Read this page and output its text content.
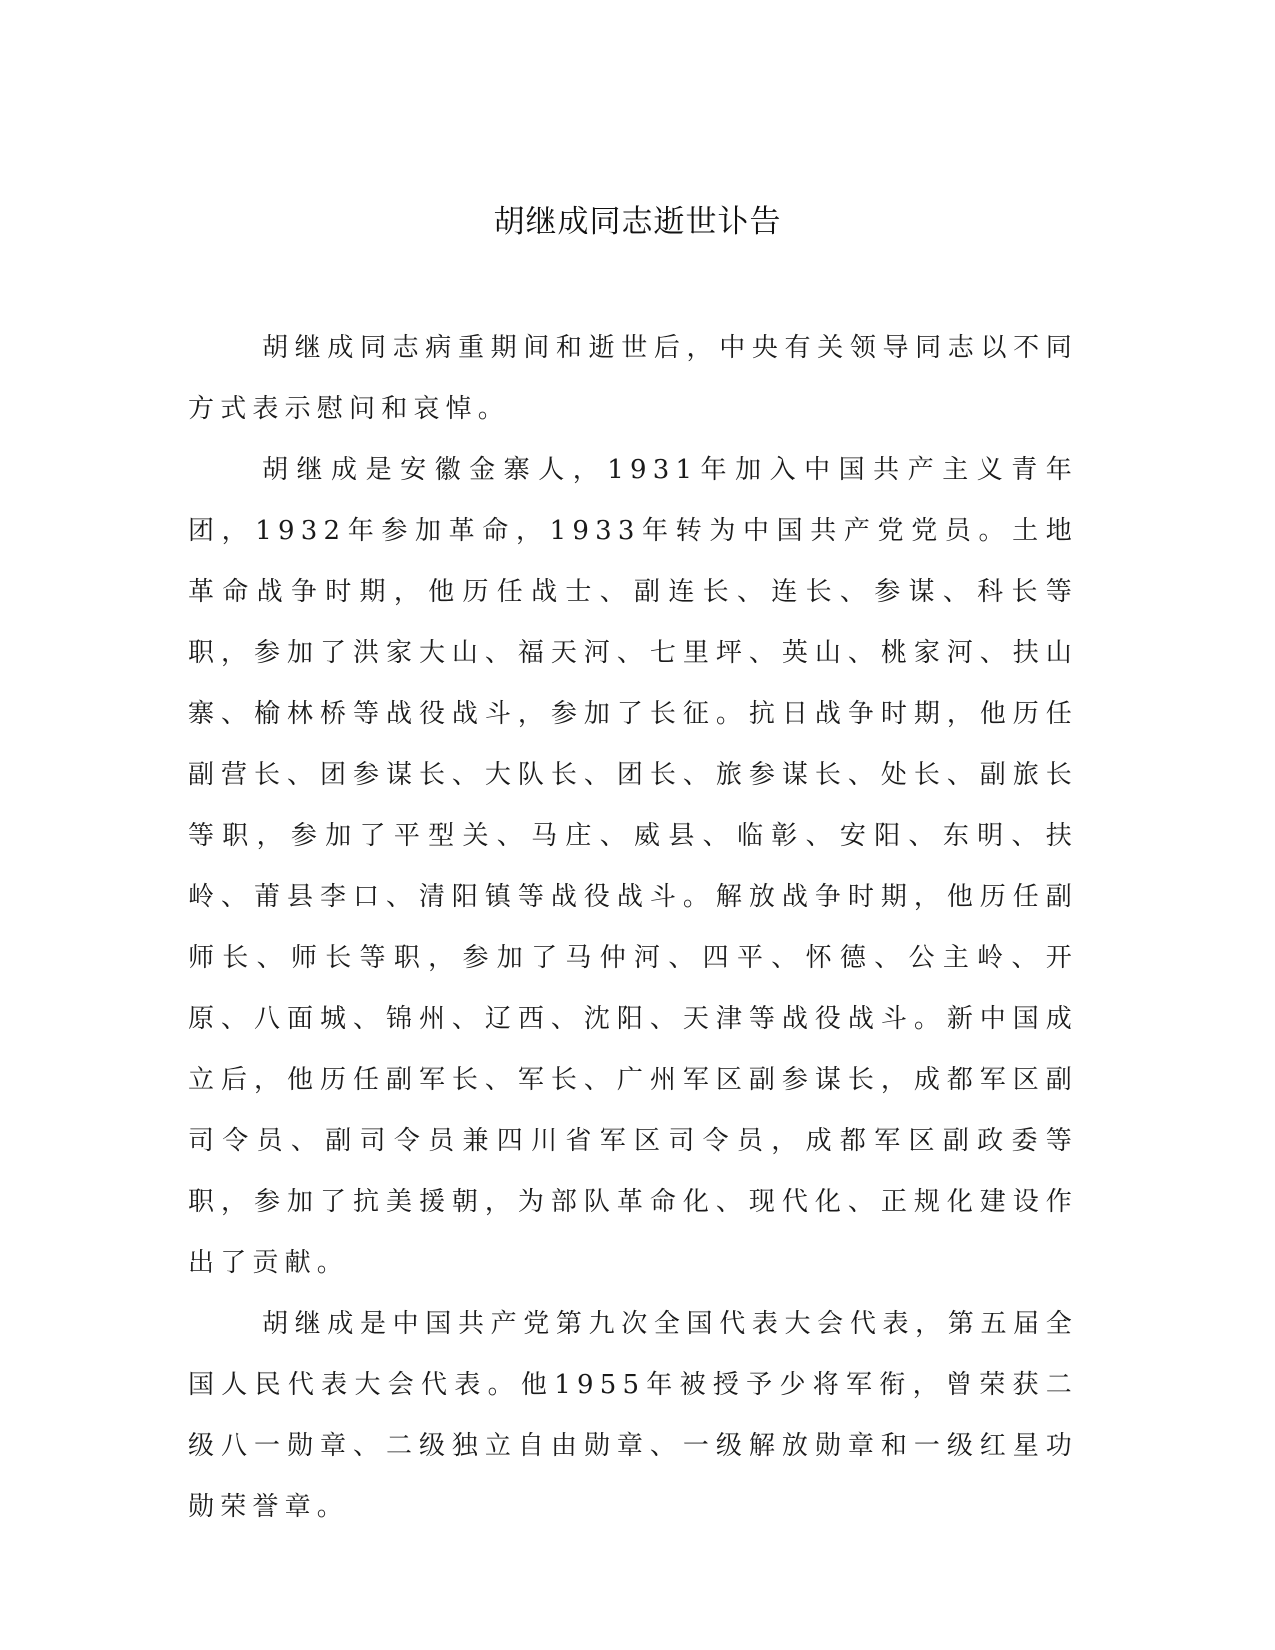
胡继成同志逝世讣告

胡继成同志病重期间和逝世后，中央有关领导同志以不同方式表示慰问和哀悼。

胡继成是安徽金寨人，1931年加入中国共产主义青年团，1932年参加革命，1933年转为中国共产党党员。土地革命战争时期，他历任战士、副连长、连长、参谋、科长等职，参加了洪家大山、福天河、七里坪、英山、桃家河、扶山寨、榆林桥等战役战斗，参加了长征。抗日战争时期，他历任副营长、团参谋长、大队长、团长、旅参谋长、处长、副旅长等职，参加了平型关、马庄、威县、临彰、安阳、东明、扶岭、莆县李口、清阳镇等战役战斗。解放战争时期，他历任副师长、师长等职，参加了马仲河、四平、怀德、公主岭、开原、八面城、锦州、辽西、沈阳、天津等战役战斗。新中国成立后，他历任副军长、军长、广州军区副参谋长，成都军区副司令员、副司令员兼四川省军区司令员，成都军区副政委等职，参加了抗美援朝，为部队革命化、现代化、正规化建设作出了贡献。

胡继成是中国共产党第九次全国代表大会代表，第五届全国人民代表大会代表。他1955年被授予少将军衔，曾荣获二级八一勋章、二级独立自由勋章、一级解放勋章和一级红星功勋荣誉章。
